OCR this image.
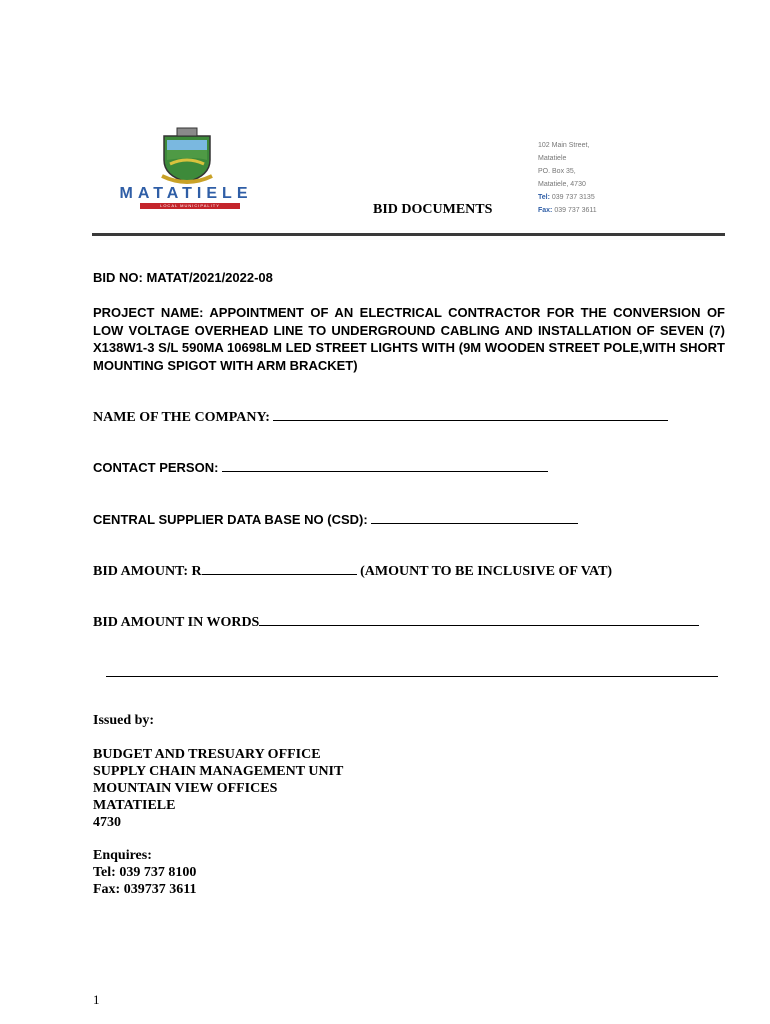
MATATIELE
LOCAL MUNICIPALITY
102 Main Street,
Matatiele
PO. Box 35,
Matatiele, 4730
Tel: 039 737 3135
Fax: 039 737 3611
BID DOCUMENTS
BID NO: MATAT/2021/2022-08
PROJECT NAME: APPOINTMENT OF AN ELECTRICAL CONTRACTOR FOR THE CONVERSION OF LOW VOLTAGE OVERHEAD LINE TO UNDERGROUND CABLING AND INSTALLATION OF SEVEN (7) X138W1-3 S/L 590MA 10698LM LED STREET LIGHTS WITH (9M WOODEN STREET POLE,WITH SHORT MOUNTING SPIGOT WITH ARM BRACKET)
NAME OF THE COMPANY:
CONTACT PERSON:
CENTRAL SUPPLIER DATA BASE NO (CSD):
BID AMOUNT: R	(AMOUNT TO BE INCLUSIVE OF VAT)
BID AMOUNT IN WORDS
Issued by:
BUDGET AND TRESUARY OFFICE
SUPPLY CHAIN MANAGEMENT UNIT
MOUNTAIN VIEW OFFICES
MATATIELE
4730
Enquires:
Tel: 039 737 8100
Fax: 039737 3611
1
